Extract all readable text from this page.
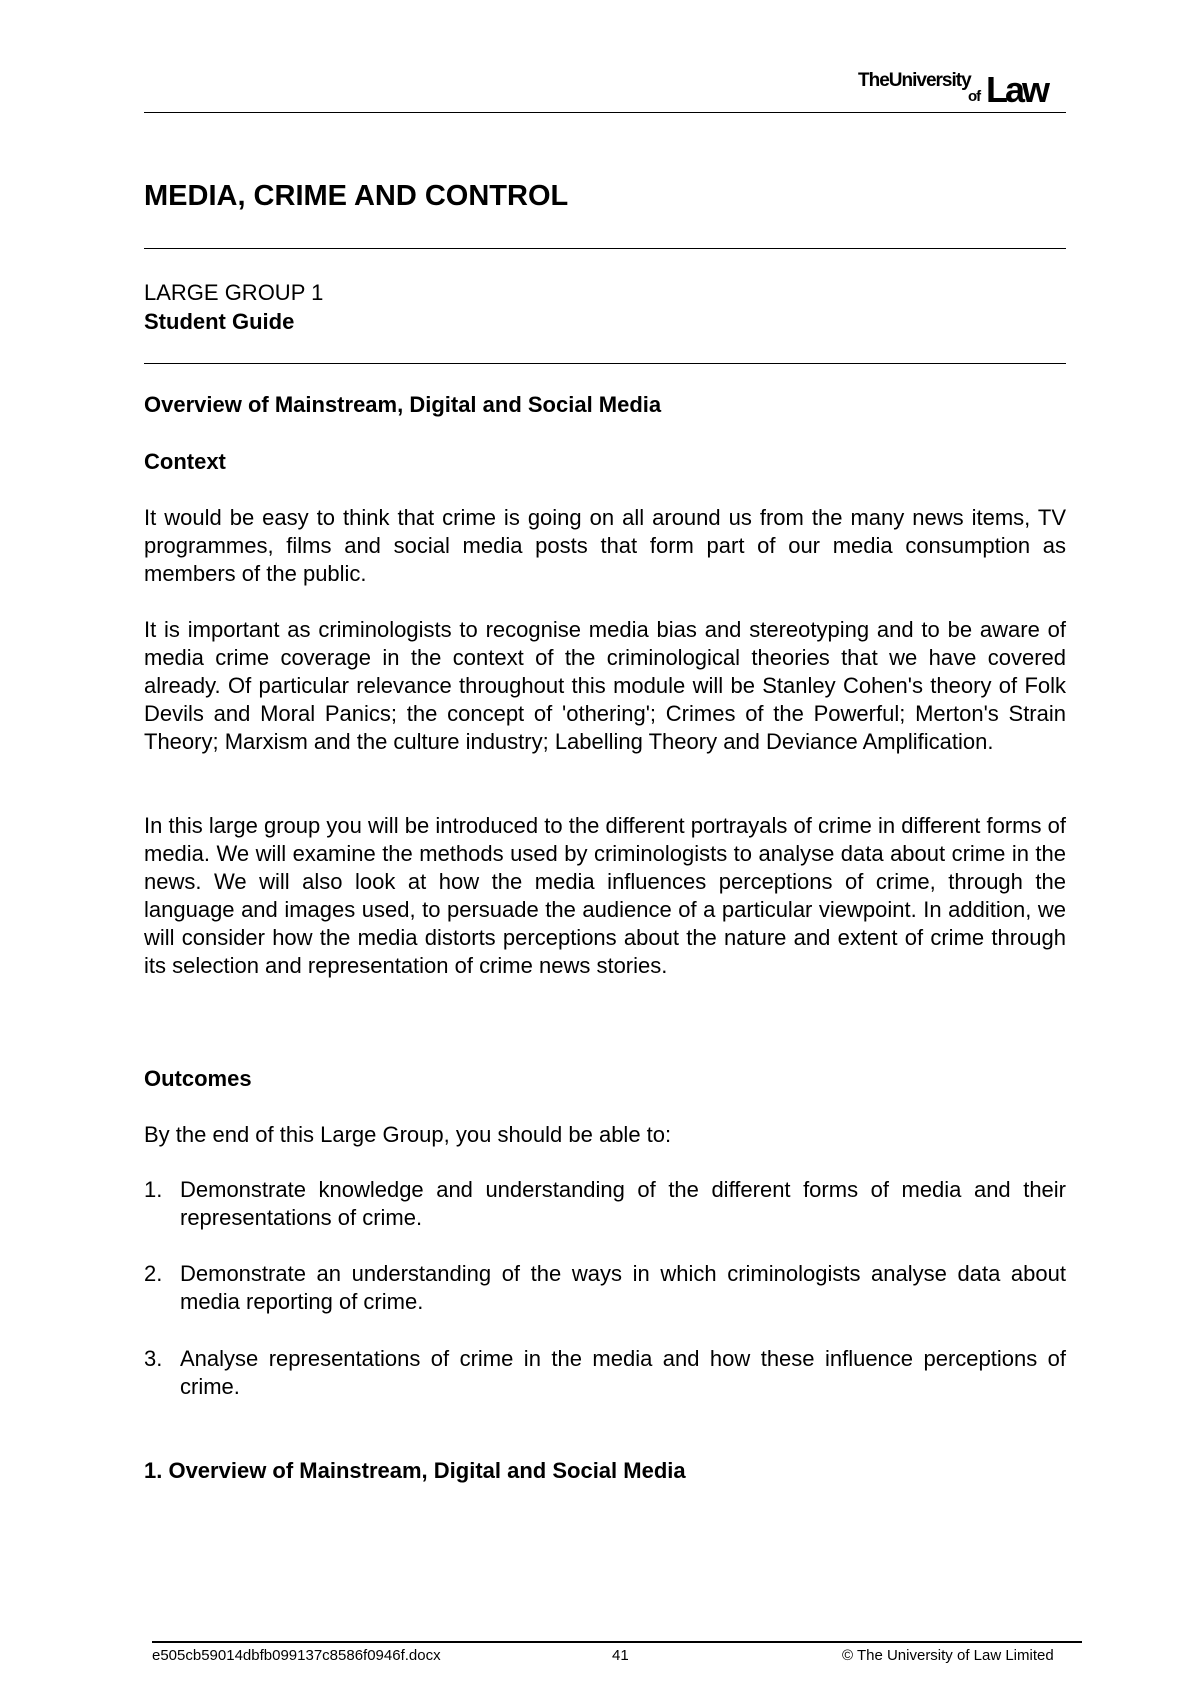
TheUniversity
of Law
MEDIA, CRIME AND CONTROL

LARGE GROUP 1

Student Guide

Overview of Mainstream, Digital and Social Media
Context

It would be easy to think that crime is going on all around us from the many news items, TV programmes, films and social media posts that form part of our media consumption as members of the public.

It is important as criminologists to recognise media bias and stereotyping and to be aware of media crime coverage in the context of the criminological theories that we have covered already. Of particular relevance throughout this module will be Stanley Cohen's theory of Folk Devils and Moral Panics; the concept of 'othering'; Crimes of the Powerful; Merton's Strain Theory; Marxism and the culture industry; Labelling Theory and Deviance Amplification.

In this large group you will be introduced to the different portrayals of crime in different forms of media. We will examine the methods used by criminologists to analyse data about crime in the news. We will also look at how the media influences perceptions of crime, through the language and images used, to persuade the audience of a particular viewpoint. In addition, we will consider how the media distorts perceptions about the nature and extent of crime through its selection and representation of crime news stories.

Outcomes

By the end of this Large Group, you should be able to:

1. Demonstrate knowledge and understanding of the different forms of media and their representations of crime.
2. Demonstrate an understanding of the ways in which criminologists analyse data about media reporting of crime.
3. Analyse representations of crime in the media and how these influence perceptions of crime.
1. Overview of Mainstream, Digital and Social Media
e505cb59014dbfb099137c8586f0946f.docx	41	© The University of Law Limited
